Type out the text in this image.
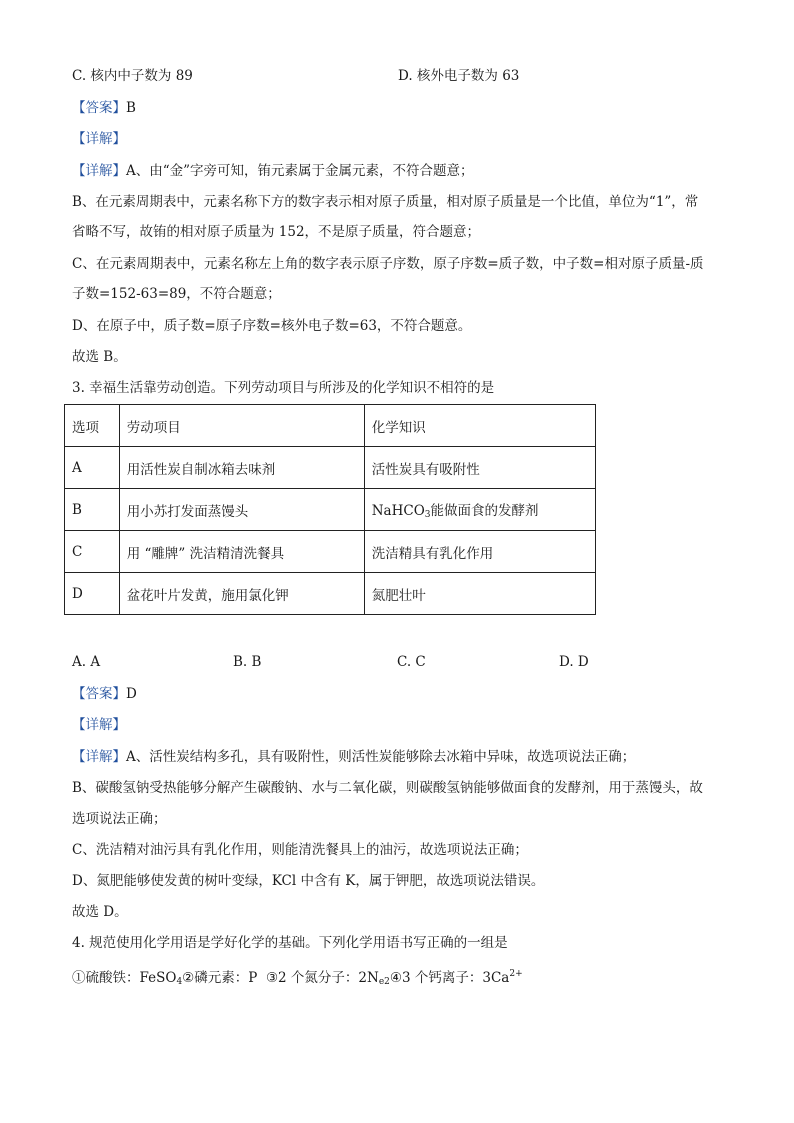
C. 核内中子数为 89	D. 核外电子数为 63
【答案】B
【详解】
【详解】A、由“金”字旁可知，铕元素属于金属元素，不符合题意；
B、在元素周期表中，元素名称下方的数字表示相对原子质量，相对原子质量是一个比值，单位为“1”，常
省略不写，故铕的相对原子质量为 152，不是原子质量，符合题意；
C、在元素周期表中，元素名称左上角的数字表示原子序数，原子序数=质子数，中子数=相对原子质量-质
子数=152-63=89，不符合题意；
D、在原子中，质子数=原子序数=核外电子数=63，不符合题意。
故选 B。
3. 幸福生活靠劳动创造。下列劳动项目与所涉及的化学知识不相符的是
选项	劳动项目	化学知识
A	用活性炭自制冰箱去味剂	活性炭具有吸附性
B	用小苏打发面蒸馒头	NaHCO$_3$能做面食的发酵剂
C	用 “雕牌” 洗洁精清洗餐具	洗洁精具有乳化作用
D	盆花叶片发黄，施用氯化钾	氮肥壮叶
A. A	B. B	C. C	D. D
【答案】D
【详解】
【详解】A、活性炭结构多孔，具有吸附性，则活性炭能够除去冰箱中异味，故选项说法正确；
B、碳酸氢钠受热能够分解产生碳酸钠、水与二氧化碳，则碳酸氢钠能够做面食的发酵剂，用于蒸馒头，故
选项说法正确；
C、洗洁精对油污具有乳化作用，则能清洗餐具上的油污，故选项说法正确；
D、氮肥能够使发黄的树叶变绿，KCl 中含有 K，属于钾肥，故选项说法错误。
故选 D。
4. 规范使用化学用语是学好化学的基础。下列化学用语书写正确的一组是
①硫酸铁：FeSO$_4$②磷元素：P ③2 个氮分子：$2N_{e2}④3$ 个钙离子：$3Ca^{2+}$
